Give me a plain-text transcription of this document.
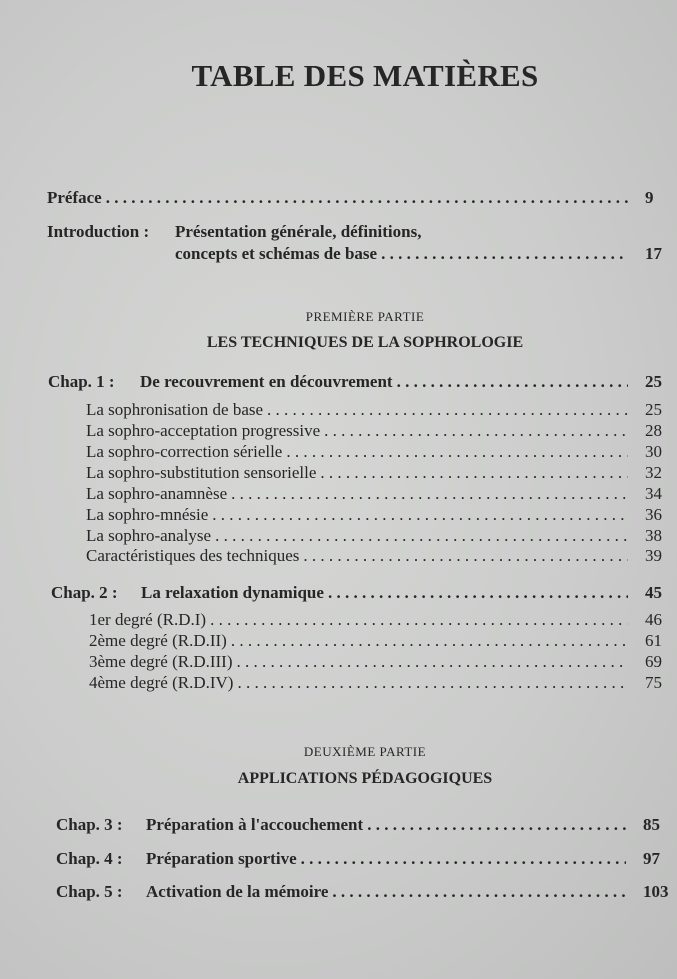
TABLE DES MATIÈRES
Préface . . .	9
Introduction :	Présentation générale, définitions,
concepts et schémas de base . . .	17
PREMIÈRE PARTIE
LES TECHNIQUES DE LA SOPHROLOGIE
Chap. 1 :	De recouvrement en découvrement . . .	25
La sophronisation de base . . .	25
La sophro-acceptation progressive . . .	28
La sophro-correction sérielle . . .	30
La sophro-substitution sensorielle . . .	32
La sophro-anamnèse . . .	34
La sophro-mnésie . . .	36
La sophro-analyse . . .	38
Caractéristiques des techniques . . .	39
Chap. 2 :	La relaxation dynamique . . .	45
1er degré (R.D.I) . . .	46
2ème degré (R.D.II) . . .	61
3ème degré (R.D.III) . . .	69
4ème degré (R.D.IV) . . .	75
DEUXIÈME PARTIE
APPLICATIONS PÉDAGOGIQUES
Chap. 3 :	Préparation à l'accouchement . . .	85
Chap. 4 :	Préparation sportive . . .	97
Chap. 5 :	Activation de la mémoire . . .	103
